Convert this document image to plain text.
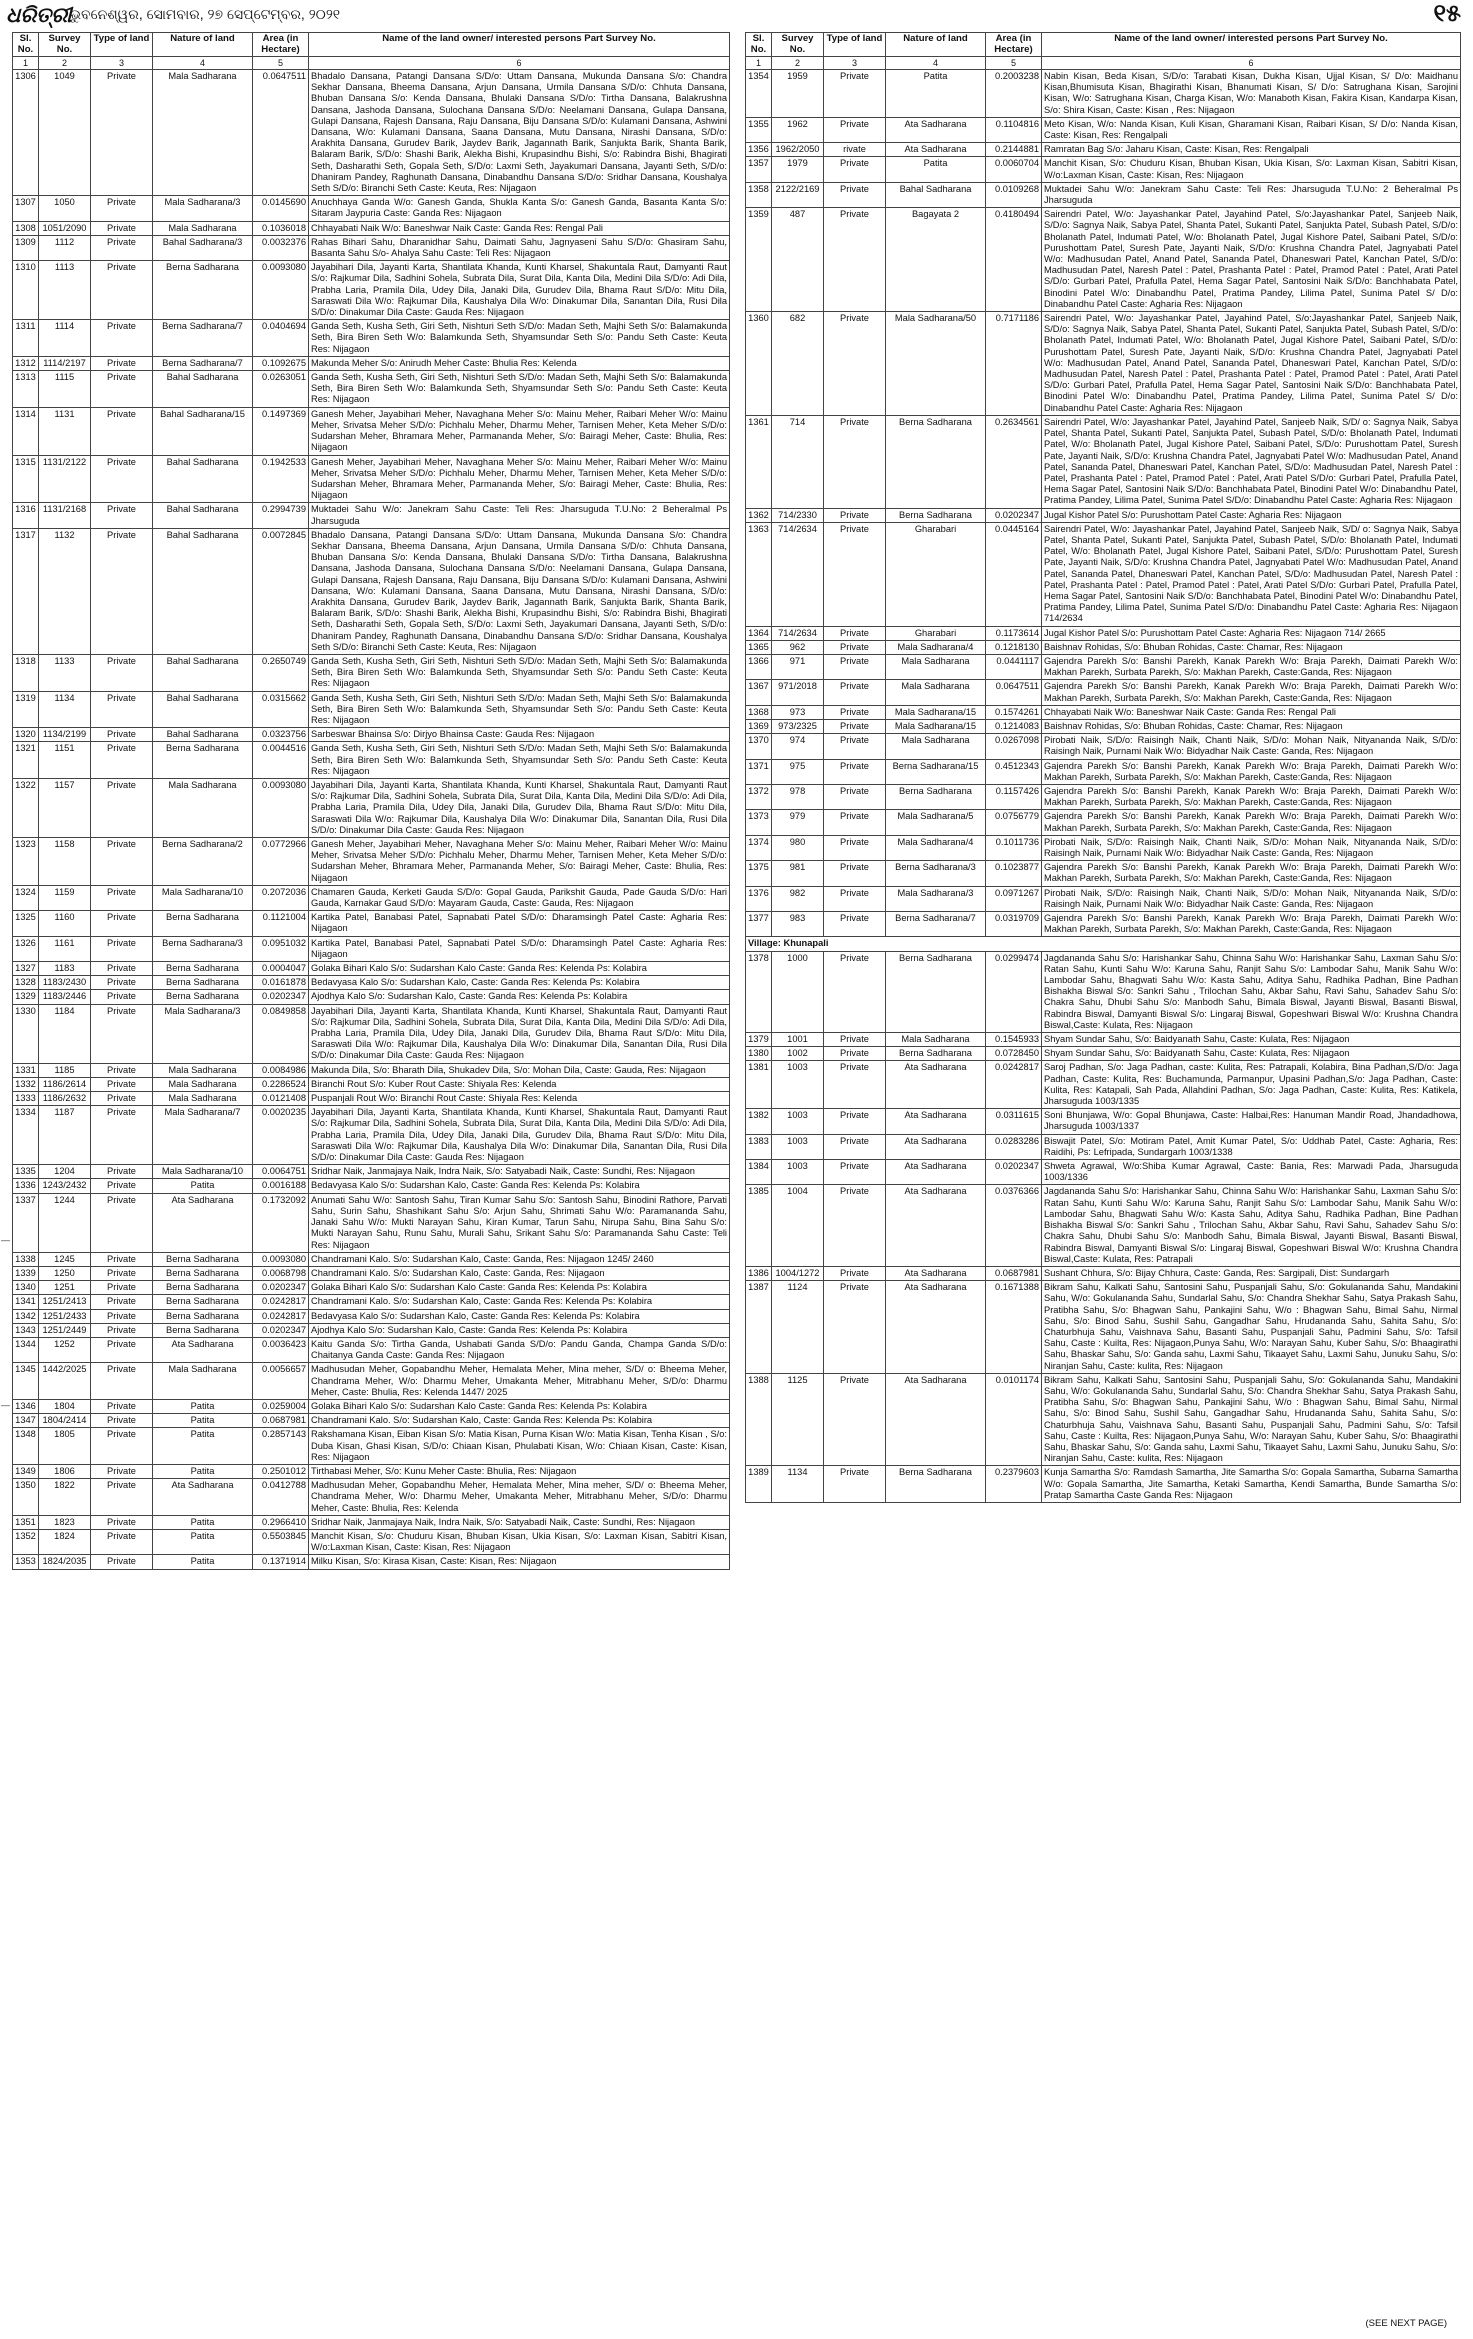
ଧରିତ୍ରୀ
ଭୁବନେଶ୍ୱର, ସୋମବାର, ୨୭ ସେପ୍ଟେମ୍ବର, ୨୦୨୧	୧୫
—
—
Sl. No.	Survey No.	Type of land	Nature of land	Area (in Hectare)	Name of the land owner/ interested persons Part Survey No.
1	2	3	4	5	6
1306	1049	Private	Mala Sadharana	0.0647511	Bhadalo Dansana, Patangi Dansana S/D/o: Uttam Dansana, Mukunda Dansana S/o: Chandra Sekhar Dansana, Bheema Dansana, Arjun Dansana, Urmila Dansana S/D/o: Chhuta Dansana, Bhuban Dansana S/o: Kenda Dansana, Bhulaki Dansana S/D/o: Tirtha Dansana, Balakrushna Dansana, Jashoda Dansana, Sulochana Dansana S/D/o: Neelamani Dansana, Gulapa Dansana, Gulapi Dansana, Rajesh Dansana, Raju Dansana, Biju Dansana S/D/o: Kulamani Dansana, Ashwini Dansana, W/o: Kulamani Dansana, Saana Dansana, Mutu Dansana, Nirashi Dansana, S/D/o: Arakhita Dansana, Gurudev Barik, Jaydev Barik, Jagannath Barik, Sanjukta Barik, Shanta Barik, Balaram Barik, S/D/o: Shashi Barik, Alekha Bishi, Krupasindhu Bishi, S/o: Rabindra Bishi, Bhagirati Seth, Dasharathi Seth, Gopala Seth, S/D/o: Laxmi Seth, Jayakumari Dansana, Jayanti Seth, S/D/o: Dhaniram Pandey, Raghunath Dansana, Dinabandhu Dansana S/D/o: Sridhar Dansana, Koushalya Seth S/D/o: Biranchi Seth Caste: Keuta, Res: Nijagaon
1307	1050	Private	Mala Sadharana/3	0.0145690	Anuchhaya Ganda W/o: Ganesh Ganda, Shukla Kanta S/o: Ganesh Ganda, Basanta Kanta S/o: Sitaram Jaypuria Caste: Ganda Res: Nijagaon
1308	1051/2090	Private	Mala Sadharana	0.1036018	Chhayabati Naik W/o: Baneshwar Naik Caste: Ganda Res: Rengal Pali
1309	1112	Private	Bahal Sadharana/3	0.0032376	Rahas Bihari Sahu, Dharanidhar Sahu, Daimati Sahu, Jagnyaseni Sahu S/D/o: Ghasiram Sahu, Basanta Sahu S/o- Ahalya Sahu Caste: Teli Res: Nijagaon
1310	1113	Private	Berna Sadharana	0.0093080	Jayabihari Dila, Jayanti Karta, Shantilata Khanda, Kunti Kharsel, Shakuntala Raut, Damyanti Raut S/o: Rajkumar Dila, Sadhini Sohela, Subrata Dila, Surat Dila, Kanta Dila, Medini Dila S/D/o: Adi Dila, Prabha Laria, Pramila Dila, Udey Dila, Janaki Dila, Gurudev Dila, Bhama Raut S/D/o: Mitu Dila, Saraswati Dila W/o: Rajkumar Dila, Kaushalya Dila W/o: Dinakumar Dila, Sanantan Dila, Rusi Dila S/D/o: Dinakumar Dila Caste: Gauda Res: Nijagaon
1311	1114	Private	Berna Sadharana/7	0.0404694	Ganda Seth, Kusha Seth, Giri Seth, Nishturi Seth S/D/o: Madan Seth, Majhi Seth S/o: Balamakunda Seth, Bira Biren Seth W/o: Balamkunda Seth, Shyamsundar Seth S/o: Pandu Seth Caste: Keuta Res: Nijagaon
1312	1114/2197	Private	Berna Sadharana/7	0.1092675	Makunda Meher S/o: Anirudh Meher Caste: Bhulia Res: Kelenda
1313	1115	Private	Bahal Sadharana	0.0263051	Ganda Seth, Kusha Seth, Giri Seth, Nishturi Seth S/D/o: Madan Seth, Majhi Seth S/o: Balamakunda Seth, Bira Biren Seth W/o: Balamkunda Seth, Shyamsundar Seth S/o: Pandu Seth Caste: Keuta Res: Nijagaon
1314	1131	Private	Bahal Sadharana/15	0.1497369	Ganesh Meher, Jayabihari Meher, Navaghana Meher S/o: Mainu Meher, Raibari Meher W/o: Mainu Meher, Srivatsa Meher S/D/o: Pichhalu Meher, Dharmu Meher, Tarnisen Meher, Keta Meher S/D/o: Sudarshan Meher, Bhramara Meher, Parmananda Meher, S/o: Bairagi Meher, Caste: Bhulia, Res: Nijagaon
1315	1131/2122	Private	Bahal Sadharana	0.1942533	Ganesh Meher, Jayabihari Meher, Navaghana Meher S/o: Mainu Meher, Raibari Meher W/o: Mainu Meher, Srivatsa Meher S/D/o: Pichhalu Meher, Dharmu Meher, Tarnisen Meher, Keta Meher S/D/o: Sudarshan Meher, Bhramara Meher, Parmananda Meher, S/o: Bairagi Meher, Caste: Bhulia, Res: Nijagaon
1316	1131/2168	Private	Bahal Sadharana	0.2994739	Muktadei Sahu W/o: Janekram Sahu Caste: Teli Res: Jharsuguda T.U.No: 2 Beheralmal Ps Jharsuguda
1317	1132	Private	Bahal Sadharana	0.0072845	Bhadalo Dansana, Patangi Dansana S/D/o: Uttam Dansana, Mukunda Dansana S/o: Chandra Sekhar Dansana, Bheema Dansana, Arjun Dansana, Urmila Dansana S/D/o: Chhuta Dansana, Bhuban Dansana S/o: Kenda Dansana, Bhulaki Dansana S/D/o: Tirtha Dansana, Balakrushna Dansana, Jashoda Dansana, Sulochana Dansana S/D/o: Neelamani Dansana, Gulapa Dansana, Gulapi Dansana, Rajesh Dansana, Raju Dansana, Biju Dansana S/D/o: Kulamani Dansana, Ashwini Dansana, W/o: Kulamani Dansana, Saana Dansana, Mutu Dansana, Nirashi Dansana, S/D/o: Arakhita Dansana, Gurudev Barik, Jaydev Barik, Jagannath Barik, Sanjukta Barik, Shanta Barik, Balaram Barik, S/D/o: Shashi Barik, Alekha Bishi, Krupasindhu Bishi, S/o: Rabindra Bishi, Bhagirati Seth, Dasharathi Seth, Gopala Seth, S/D/o: Laxmi Seth, Jayakumari Dansana, Jayanti Seth, S/D/o: Dhaniram Pandey, Raghunath Dansana, Dinabandhu Dansana S/D/o: Sridhar Dansana, Koushalya Seth S/D/o: Biranchi Seth Caste: Keuta, Res: Nijagaon
1318	1133	Private	Bahal Sadharana	0.2650749	Ganda Seth, Kusha Seth, Giri Seth, Nishturi Seth S/D/o: Madan Seth, Majhi Seth S/o: Balamakunda Seth, Bira Biren Seth W/o: Balamkunda Seth, Shyamsundar Seth S/o: Pandu Seth Caste: Keuta Res: Nijagaon
1319	1134	Private	Bahal Sadharana	0.0315662	Ganda Seth, Kusha Seth, Giri Seth, Nishturi Seth S/D/o: Madan Seth, Majhi Seth S/o: Balamakunda Seth, Bira Biren Seth W/o: Balamkunda Seth, Shyamsundar Seth S/o: Pandu Seth Caste: Keuta Res: Nijagaon
1320	1134/2199	Private	Bahal Sadharana	0.0323756	Sarbeswar Bhainsa S/o: Dirjyo Bhainsa Caste: Gauda Res: Nijagaon
1321	1151	Private	Berna Sadharana	0.0044516	Ganda Seth, Kusha Seth, Giri Seth, Nishturi Seth S/D/o: Madan Seth, Majhi Seth S/o: Balamakunda Seth, Bira Biren Seth W/o: Balamkunda Seth, Shyamsundar Seth S/o: Pandu Seth Caste: Keuta Res: Nijagaon
1322	1157	Private	Mala Sadharana	0.0093080	Jayabihari Dila, Jayanti Karta, Shantilata Khanda, Kunti Kharsel, Shakuntala Raut, Damyanti Raut S/o: Rajkumar Dila, Sadhini Sohela, Subrata Dila, Surat Dila, Kanta Dila, Medini Dila S/D/o: Adi Dila, Prabha Laria, Pramila Dila, Udey Dila, Janaki Dila, Gurudev Dila, Bhama Raut S/D/o: Mitu Dila, Saraswati Dila W/o: Rajkumar Dila, Kaushalya Dila W/o: Dinakumar Dila, Sanantan Dila, Rusi Dila S/D/o: Dinakumar Dila Caste: Gauda Res: Nijagaon
1323	1158	Private	Berna Sadharana/2	0.0772966	Ganesh Meher, Jayabihari Meher, Navaghana Meher S/o: Mainu Meher, Raibari Meher W/o: Mainu Meher, Srivatsa Meher S/D/o: Pichhalu Meher, Dharmu Meher, Tarnisen Meher, Keta Meher S/D/o: Sudarshan Meher, Bhramara Meher, Parmananda Meher, S/o: Bairagi Meher, Caste: Bhulia, Res: Nijagaon
1324	1159	Private	Mala Sadharana/10	0.2072036	Chamaren Gauda, Kerketi Gauda S/D/o: Gopal Gauda, Parikshit Gauda, Pade Gauda S/D/o: Hari Gauda, Karnakar Gaud S/D/o: Mayaram Gauda, Caste: Gauda, Res: Nijagaon
1325	1160	Private	Berna Sadharana	0.1121004	Kartika Patel, Banabasi Patel, Sapnabati Patel S/D/o: Dharamsingh Patel Caste: Agharia Res: Nijagaon
1326	1161	Private	Berna Sadharana/3	0.0951032	Kartika Patel, Banabasi Patel, Sapnabati Patel S/D/o: Dharamsingh Patel Caste: Agharia Res: Nijagaon
1327	1183	Private	Berna Sadharana	0.0004047	Golaka Bihari Kalo S/o: Sudarshan Kalo Caste: Ganda Res: Kelenda Ps: Kolabira
1328	1183/2430	Private	Berna Sadharana	0.0161878	Bedavyasa Kalo S/o: Sudarshan Kalo, Caste: Ganda Res: Kelenda Ps: Kolabira
1329	1183/2446	Private	Berna Sadharana	0.0202347	Ajodhya Kalo S/o: Sudarshan Kalo, Caste: Ganda Res: Kelenda Ps: Kolabira
1330	1184	Private	Mala Sadharana/3	0.0849858	Jayabihari Dila, Jayanti Karta, Shantilata Khanda, Kunti Kharsel, Shakuntala Raut, Damyanti Raut S/o: Rajkumar Dila, Sadhini Sohela, Subrata Dila, Surat Dila, Kanta Dila, Medini Dila S/D/o: Adi Dila, Prabha Laria, Pramila Dila, Udey Dila, Janaki Dila, Gurudev Dila, Bhama Raut S/D/o: Mitu Dila, Saraswati Dila W/o: Rajkumar Dila, Kaushalya Dila W/o: Dinakumar Dila, Sanantan Dila, Rusi Dila S/D/o: Dinakumar Dila Caste: Gauda Res: Nijagaon
1331	1185	Private	Mala Sadharana	0.0084986	Makunda Dila, S/o: Bharath Dila, Shukadev Dila, S/o: Mohan Dila, Caste: Gauda, Res: Nijagaon
1332	1186/2614	Private	Mala Sadharana	0.2286524	Biranchi Rout S/o: Kuber Rout Caste: Shiyala Res: Kelenda
1333	1186/2632	Private	Mala Sadharana	0.0121408	Puspanjali Rout W/o: Biranchi Rout Caste: Shiyala Res: Kelenda
1334	1187	Private	Mala Sadharana/7	0.0020235	Jayabihari Dila, Jayanti Karta, Shantilata Khanda, Kunti Kharsel, Shakuntala Raut, Damyanti Raut S/o: Rajkumar Dila, Sadhini Sohela, Subrata Dila, Surat Dila, Kanta Dila, Medini Dila S/D/o: Adi Dila, Prabha Laria, Pramila Dila, Udey Dila, Janaki Dila, Gurudev Dila, Bhama Raut S/D/o: Mitu Dila, Saraswati Dila W/o: Rajkumar Dila, Kaushalya Dila W/o: Dinakumar Dila, Sanantan Dila, Rusi Dila S/D/o: Dinakumar Dila Caste: Gauda Res: Nijagaon
1335	1204	Private	Mala Sadharana/10	0.0064751	Sridhar Naik, Janmajaya Naik, Indra Naik, S/o: Satyabadi Naik, Caste: Sundhi, Res: Nijagaon
1336	1243/2432	Private	Patita	0.0016188	Bedavyasa Kalo S/o: Sudarshan Kalo, Caste: Ganda Res: Kelenda Ps: Kolabira
1337	1244	Private	Ata Sadharana	0.1732092	Anumati Sahu W/o: Santosh Sahu, Tiran Kumar Sahu S/o: Santosh Sahu, Binodini Rathore, Parvati Sahu, Surin Sahu, Shashikant Sahu S/o: Arjun Sahu, Shrimati Sahu W/o: Paramananda Sahu, Janaki Sahu W/o: Mukti Narayan Sahu, Kiran Kumar, Tarun Sahu, Nirupa Sahu, Bina Sahu S/o: Mukti Narayan Sahu, Runu Sahu, Murali Sahu, Srikant Sahu S/o: Paramananda Sahu Caste: Teli Res: Nijagaon
1338	1245	Private	Berna Sadharana	0.0093080	Chandramani Kalo. S/o: Sudarshan Kalo, Caste: Ganda, Res: Nijagaon 1245/ 2460
1339	1250	Private	Berna Sadharana	0.0068798	Chandramani Kalo. S/o: Sudarshan Kalo, Caste: Ganda, Res: Nijagaon
1340	1251	Private	Berna Sadharana	0.0202347	Golaka Bihari Kalo S/o: Sudarshan Kalo Caste: Ganda Res: Kelenda Ps: Kolabira
1341	1251/2413	Private	Berna Sadharana	0.0242817	Chandramani Kalo. S/o: Sudarshan Kalo, Caste: Ganda Res: Kelenda Ps: Kolabira
1342	1251/2433	Private	Berna Sadharana	0.0242817	Bedavyasa Kalo S/o: Sudarshan Kalo, Caste: Ganda Res: Kelenda Ps: Kolabira
1343	1251/2449	Private	Berna Sadharana	0.0202347	Ajodhya Kalo S/o: Sudarshan Kalo, Caste: Ganda Res: Kelenda Ps: Kolabira
1344	1252	Private	Ata Sadharana	0.0036423	Kaitu Ganda S/o: Tirtha Ganda, Ushabati Ganda S/D/o: Pandu Ganda, Champa Ganda S/D/o: Chaitanya Ganda Caste: Ganda Res: Nijagaon
1345	1442/2025	Private	Mala Sadharana	0.0056657	Madhusudan Meher, Gopabandhu Meher, Hemalata Meher, Mina meher, S/D/ o: Bheema Meher, Chandrama Meher, W/o: Dharmu Meher, Umakanta Meher, Mitrabhanu Meher, S/D/o: Dharmu Meher, Caste: Bhulia, Res: Kelenda 1447/ 2025
1346	1804	Private	Patita	0.0259004	Golaka Bihari Kalo S/o: Sudarshan Kalo Caste: Ganda Res: Kelenda Ps: Kolabira
1347	1804/2414	Private	Patita	0.0687981	Chandramani Kalo. S/o: Sudarshan Kalo, Caste: Ganda Res: Kelenda Ps: Kolabira
1348	1805	Private	Patita	0.2857143	Rakshamana Kisan, Eiban Kisan S/o: Matia Kisan, Purna Kisan W/o: Matia Kisan, Tenha Kisan , S/o: Duba Kisan, Ghasi Kisan, S/D/o: Chiaan Kisan, Phulabati Kisan, W/o: Chiaan Kisan, Caste: Kisan, Res: Nijagaon
1349	1806	Private	Patita	0.2501012	Tirthabasi Meher, S/o: Kunu Meher Caste: Bhulia, Res: Nijagaon
1350	1822	Private	Ata Sadharana	0.0412788	Madhusudan Meher, Gopabandhu Meher, Hemalata Meher, Mina meher, S/D/ o: Bheema Meher, Chandrama Meher, W/o: Dharmu Meher, Umakanta Meher, Mitrabhanu Meher, S/D/o: Dharmu Meher, Caste: Bhulia, Res: Kelenda
1351	1823	Private	Patita	0.2966410	Sridhar Naik, Janmajaya Naik, Indra Naik, S/o: Satyabadi Naik, Caste: Sundhi, Res: Nijagaon
1352	1824	Private	Patita	0.5503845	Manchit Kisan, S/o: Chuduru Kisan, Bhuban Kisan, Ukia Kisan, S/o: Laxman Kisan, Sabitri Kisan, W/o:Laxman Kisan, Caste: Kisan, Res: Nijagaon
1353	1824/2035	Private	Patita	0.1371914	Milku Kisan, S/o: Kirasa Kisan, Caste: Kisan, Res: Nijagaon
Sl. No.	Survey No.	Type of land	Nature of land	Area (in Hectare)	Name of the land owner/ interested persons Part Survey No.
1	2	3	4	5	6
1354	1959	Private	Patita	0.2003238	Nabin Kisan, Beda Kisan, S/D/o: Tarabati Kisan, Dukha Kisan, Ujjal Kisan, S/ D/o: Maidhanu Kisan,Bhumisuta Kisan, Bhagirathi Kisan, Bhanumati Kisan, S/ D/o: Satrughana Kisan, Sarojini Kisan, W/o: Satrughana Kisan, Charga Kisan, W/o: Manaboth Kisan, Fakira Kisan, Kandarpa Kisan, S/o: Shira Kisan, Caste: Kisan , Res: Nijagaon
1355	1962	Private	Ata Sadharana	0.1104816	Meto Kisan, W/o: Nanda Kisan, Kuli Kisan, Gharamani Kisan, Raibari Kisan, S/ D/o: Nanda Kisan, Caste: Kisan, Res: Rengalpali
1356	1962/2050	rivate	Ata Sadharana	0.2144881	Ramratan Bag S/o: Jaharu Kisan, Caste: Kisan, Res: Rengalpali
1357	1979	Private	Patita	0.0060704	Manchit Kisan, S/o: Chuduru Kisan, Bhuban Kisan, Ukia Kisan, S/o: Laxman Kisan, Sabitri Kisan, W/o:Laxman Kisan, Caste: Kisan, Res: Nijagaon
1358	2122/2169	Private	Bahal Sadharana	0.0109268	Muktadei Sahu W/o: Janekram Sahu Caste: Teli Res: Jharsuguda T.U.No: 2 Beheralmal Ps Jharsuguda
1359	487	Private	Bagayata 2	0.4180494	Sairendri Patel, W/o: Jayashankar Patel, Jayahind Patel, S/o:Jayashankar Patel, Sanjeeb Naik, S/D/o: Sagnya Naik, Sabya Patel, Shanta Patel, Sukanti Patel, Sanjukta Patel, Subash Patel, S/D/o: Bholanath Patel, Indumati Patel, W/o: Bholanath Patel, Jugal Kishore Patel, Saibani Patel, S/D/o: Purushottam Patel, Suresh Pate, Jayanti Naik, S/D/o: Krushna Chandra Patel, Jagnyabati Patel W/o: Madhusudan Patel, Anand Patel, Sananda Patel, Dhaneswari Patel, Kanchan Patel, S/D/o: Madhusudan Patel, Naresh Patel : Patel, Prashanta Patel : Patel, Pramod Patel : Patel, Arati Patel S/D/o: Gurbari Patel, Prafulla Patel, Hema Sagar Patel, Santosini Naik S/D/o: Banchhabata Patel, Binodini Patel W/o: Dinabandhu Patel, Pratima Pandey, Lilima Patel, Sunima Patel S/ D/o: Dinabandhu Patel Caste: Agharia Res: Nijagaon
1360	682	Private	Mala Sadharana/50	0.7171186	Sairendri Patel, W/o: Jayashankar Patel, Jayahind Patel, S/o:Jayashankar Patel, Sanjeeb Naik, S/D/o: Sagnya Naik, Sabya Patel, Shanta Patel, Sukanti Patel, Sanjukta Patel, Subash Patel, S/D/o: Bholanath Patel, Indumati Patel, W/o: Bholanath Patel, Jugal Kishore Patel, Saibani Patel, S/D/o: Purushottam Patel, Suresh Pate, Jayanti Naik, S/D/o: Krushna Chandra Patel, Jagnyabati Patel W/o: Madhusudan Patel, Anand Patel, Sananda Patel, Dhaneswari Patel, Kanchan Patel, S/D/o: Madhusudan Patel, Naresh Patel : Patel, Prashanta Patel : Patel, Pramod Patel : Patel, Arati Patel S/D/o: Gurbari Patel, Prafulla Patel, Hema Sagar Patel, Santosini Naik S/D/o: Banchhabata Patel, Binodini Patel W/o: Dinabandhu Patel, Pratima Pandey, Lilima Patel, Sunima Patel S/ D/o: Dinabandhu Patel Caste: Agharia Res: Nijagaon
1361	714	Private	Berna Sadharana	0.2634561	Sairendri Patel, W/o: Jayashankar Patel, Jayahind Patel, Sanjeeb Naik, S/D/ o: Sagnya Naik, Sabya Patel, Shanta Patel, Sukanti Patel, Sanjukta Patel, Subash Patel, S/D/o: Bholanath Patel, Indumati Patel, W/o: Bholanath Patel, Jugal Kishore Patel, Saibani Patel, S/D/o: Purushottam Patel, Suresh Pate, Jayanti Naik, S/D/o: Krushna Chandra Patel, Jagnyabati Patel W/o: Madhusudan Patel, Anand Patel, Sananda Patel, Dhaneswari Patel, Kanchan Patel, S/D/o: Madhusudan Patel, Naresh Patel : Patel, Prashanta Patel : Patel, Pramod Patel : Patel, Arati Patel S/D/o: Gurbari Patel, Prafulla Patel, Hema Sagar Patel, Santosini Naik S/D/o: Banchhabata Patel, Binodini Patel W/o: Dinabandhu Patel, Pratima Pandey, Lilima Patel, Sunima Patel S/D/o: Dinabandhu Patel Caste: Agharia Res: Nijagaon
1362	714/2330	Private	Berna Sadharana	0.0202347	Jugal Kishor Patel S/o: Purushottam Patel Caste: Agharia Res: Nijagaon
1363	714/2634	Private	Gharabari	0.0445164	Sairendri Patel, W/o: Jayashankar Patel, Jayahind Patel, Sanjeeb Naik, S/D/ o: Sagnya Naik, Sabya Patel, Shanta Patel, Sukanti Patel, Sanjukta Patel, Subash Patel, S/D/o: Bholanath Patel, Indumati Patel, W/o: Bholanath Patel, Jugal Kishore Patel, Saibani Patel, S/D/o: Purushottam Patel, Suresh Pate, Jayanti Naik, S/D/o: Krushna Chandra Patel, Jagnyabati Patel W/o: Madhusudan Patel, Anand Patel, Sananda Patel, Dhaneswari Patel, Kanchan Patel, S/D/o: Madhusudan Patel, Naresh Patel : Patel, Prashanta Patel : Patel, Pramod Patel : Patel, Arati Patel S/D/o: Gurbari Patel, Prafulla Patel, Hema Sagar Patel, Santosini Naik S/D/o: Banchhabata Patel, Binodini Patel W/o: Dinabandhu Patel, Pratima Pandey, Lilima Patel, Sunima Patel S/D/o: Dinabandhu Patel Caste: Agharia Res: Nijagaon 714/2634
1364	714/2634	Private	Gharabari	0.1173614	Jugal Kishor Patel S/o: Purushottam Patel Caste: Agharia Res: Nijagaon 714/ 2665
1365	962	Private	Mala Sadharana/4	0.1218130	Baishnav Rohidas, S/o: Bhuban Rohidas, Caste: Chamar, Res: Nijagaon
1366	971	Private	Mala Sadharana	0.0441117	Gajendra Parekh S/o: Banshi Parekh, Kanak Parekh W/o: Braja Parekh, Daimati Parekh W/o: Makhan Parekh, Surbata Parekh, S/o: Makhan Parekh, Caste:Ganda, Res: Nijagaon
1367	971/2018	Private	Mala Sadharana	0.0647511	Gajendra Parekh S/o: Banshi Parekh, Kanak Parekh W/o: Braja Parekh, Daimati Parekh W/o: Makhan Parekh, Surbata Parekh, S/o: Makhan Parekh, Caste:Ganda, Res: Nijagaon
1368	973	Private	Mala Sadharana/15	0.1574261	Chhayabati Naik W/o: Baneshwar Naik Caste: Ganda Res: Rengal Pali
1369	973/2325	Private	Mala Sadharana/15	0.1214083	Baishnav Rohidas, S/o: Bhuban Rohidas, Caste: Chamar, Res: Nijagaon
1370	974	Private	Mala Sadharana	0.0267098	Pirobati Naik, S/D/o: Raisingh Naik, Chanti Naik, S/D/o: Mohan Naik, Nityananda Naik, S/D/o: Raisingh Naik, Purnami Naik W/o: Bidyadhar Naik Caste: Ganda, Res: Nijagaon
1371	975	Private	Berna Sadharana/15	0.4512343	Gajendra Parekh S/o: Banshi Parekh, Kanak Parekh W/o: Braja Parekh, Daimati Parekh W/o: Makhan Parekh, Surbata Parekh, S/o: Makhan Parekh, Caste:Ganda, Res: Nijagaon
1372	978	Private	Berna Sadharana	0.1157426	Gajendra Parekh S/o: Banshi Parekh, Kanak Parekh W/o: Braja Parekh, Daimati Parekh W/o: Makhan Parekh, Surbata Parekh, S/o: Makhan Parekh, Caste:Ganda, Res: Nijagaon
1373	979	Private	Mala Sadharana/5	0.0756779	Gajendra Parekh S/o: Banshi Parekh, Kanak Parekh W/o: Braja Parekh, Daimati Parekh W/o: Makhan Parekh, Surbata Parekh, S/o: Makhan Parekh, Caste:Ganda, Res: Nijagaon
1374	980	Private	Mala Sadharana/4	0.1011736	Pirobati Naik, S/D/o: Raisingh Naik, Chanti Naik, S/D/o: Mohan Naik, Nityananda Naik, S/D/o: Raisingh Naik, Purnami Naik W/o: Bidyadhar Naik Caste: Ganda, Res: Nijagaon
1375	981	Private	Berna Sadharana/3	0.1023877	Gajendra Parekh S/o: Banshi Parekh, Kanak Parekh W/o: Braja Parekh, Daimati Parekh W/o: Makhan Parekh, Surbata Parekh, S/o: Makhan Parekh, Caste:Ganda, Res: Nijagaon
1376	982	Private	Mala Sadharana/3	0.0971267	Pirobati Naik, S/D/o: Raisingh Naik, Chanti Naik, S/D/o: Mohan Naik, Nityananda Naik, S/D/o: Raisingh Naik, Purnami Naik W/o: Bidyadhar Naik Caste: Ganda, Res: Nijagaon
1377	983	Private	Berna Sadharana/7	0.0319709	Gajendra Parekh S/o: Banshi Parekh, Kanak Parekh W/o: Braja Parekh, Daimati Parekh W/o: Makhan Parekh, Surbata Parekh, S/o: Makhan Parekh, Caste:Ganda, Res: Nijagaon
Village: Khunapali					
1378	1000	Private	Berna Sadharana	0.0299474	Jagdananda Sahu S/o: Harishankar Sahu, Chinna Sahu W/o: Harishankar Sahu, Laxman Sahu S/o: Ratan Sahu, Kunti Sahu W/o: Karuna Sahu, Ranjit Sahu S/o: Lambodar Sahu, Manik Sahu W/o: Lambodar Sahu, Bhagwati Sahu W/o: Kasta Sahu, Aditya Sahu, Radhika Padhan, Bine Padhan Bishakha Biswal S/o: Sankri Sahu , Trilochan Sahu, Akbar Sahu, Ravi Sahu, Sahadev Sahu S/o: Chakra Sahu, Dhubi Sahu S/o: Manbodh Sahu, Bimala Biswal, Jayanti Biswal, Basanti Biswal, Rabindra Biswal, Damyanti Biswal S/o: Lingaraj Biswal, Gopeshwari Biswal W/o: Krushna Chandra Biswal,Caste: Kulata, Res: Nijagaon
1379	1001	Private	Mala Sadharana	0.1545933	Shyam Sundar Sahu, S/o: Baidyanath Sahu, Caste: Kulata, Res: Nijagaon
1380	1002	Private	Berna Sadharana	0.0728450	Shyam Sundar Sahu, S/o: Baidyanath Sahu, Caste: Kulata, Res: Nijagaon
1381	1003	Private	Ata Sadharana	0.0242817	Saroj Padhan, S/o: Jaga Padhan, caste: Kulita, Res: Patrapali, Kolabira, Bina Padhan,S/D/o: Jaga Padhan, Caste: Kulita, Res: Buchamunda, Parmanpur, Upasini Padhan,S/o: Jaga Padhan, Caste: Kulita, Res: Katapali, Sah Pada, Allahdini Padhan, S/o: Jaga Padhan, Caste: Kulita, Res: Katikela, Jharsuguda 1003/1335
1382	1003	Private	Ata Sadharana	0.0311615	Soni Bhunjawa, W/o: Gopal Bhunjawa, Caste: Halbai,Res: Hanuman Mandir Road, Jhandadhowa, Jharsuguda 1003/1337
1383	1003	Private	Ata Sadharana	0.0283286	Biswajit Patel, S/o: Motiram Patel, Amit Kumar Patel, S/o: Uddhab Patel, Caste: Agharia, Res: Raidihi, Ps: Lefripada, Sundargarh 1003/1338
1384	1003	Private	Ata Sadharana	0.0202347	Shweta Agrawal, W/o:Shiba Kumar Agrawal, Caste: Bania, Res: Marwadi Pada, Jharsuguda 1003/1336
1385	1004	Private	Ata Sadharana	0.0376366	Jagdananda Sahu S/o: Harishankar Sahu, Chinna Sahu W/o: Harishankar Sahu, Laxman Sahu S/o: Ratan Sahu, Kunti Sahu W/o: Karuna Sahu, Ranjit Sahu S/o: Lambodar Sahu, Manik Sahu W/o: Lambodar Sahu, Bhagwati Sahu W/o: Kasta Sahu, Aditya Sahu, Radhika Padhan, Bine Padhan Bishakha Biswal S/o: Sankri Sahu , Trilochan Sahu, Akbar Sahu, Ravi Sahu, Sahadev Sahu S/o: Chakra Sahu, Dhubi Sahu S/o: Manbodh Sahu, Bimala Biswal, Jayanti Biswal, Basanti Biswal, Rabindra Biswal, Damyanti Biswal S/o: Lingaraj Biswal, Gopeshwari Biswal W/o: Krushna Chandra Biswal,Caste: Kulata, Res: Patrapali
1386	1004/1272	Private	Ata Sadharana	0.0687981	Sushant Chhura, S/o: Bijay Chhura, Caste: Ganda, Res: Sargipali, Dist: Sundargarh
1387	1124	Private	Ata Sadharana	0.1671388	Bikram Sahu, Kalkati Sahu, Santosini Sahu, Puspanjali Sahu, S/o: Gokulananda Sahu, Mandakini Sahu, W/o: Gokulananda Sahu, Sundarlal Sahu, S/o: Chandra Shekhar Sahu, Satya Prakash Sahu, Pratibha Sahu, S/o: Bhagwan Sahu, Pankajini Sahu, W/o : Bhagwan Sahu, Bimal Sahu, Nirmal Sahu, S/o: Binod Sahu, Sushil Sahu, Gangadhar Sahu, Hrudananda Sahu, Sahita Sahu, S/o: Chaturbhuja Sahu, Vaishnava Sahu, Basanti Sahu, Puspanjali Sahu, Padmini Sahu, S/o: Tafsil Sahu, Caste : Kuilta, Res: Nijagaon,Punya Sahu, W/o: Narayan Sahu, Kuber Sahu, S/o: Bhaagirathi Sahu, Bhaskar Sahu, S/o: Ganda sahu, Laxmi Sahu, Tikaayet Sahu, Laxmi Sahu, Junuku Sahu, S/o: Niranjan Sahu, Caste: kulita, Res: Nijagaon
1388	1125	Private	Ata Sadharana	0.0101174	Bikram Sahu, Kalkati Sahu, Santosini Sahu, Puspanjali Sahu, S/o: Gokulananda Sahu, Mandakini Sahu, W/o: Gokulananda Sahu, Sundarlal Sahu, S/o: Chandra Shekhar Sahu, Satya Prakash Sahu, Pratibha Sahu, S/o: Bhagwan Sahu, Pankajini Sahu, W/o : Bhagwan Sahu, Bimal Sahu, Nirmal Sahu, S/o: Binod Sahu, Sushil Sahu, Gangadhar Sahu, Hrudananda Sahu, Sahita Sahu, S/o: Chaturbhuja Sahu, Vaishnava Sahu, Basanti Sahu, Puspanjali Sahu, Padmini Sahu, S/o: Tafsil Sahu, Caste : Kuilta, Res: Nijagaon,Punya Sahu, W/o: Narayan Sahu, Kuber Sahu, S/o: Bhaagirathi Sahu, Bhaskar Sahu, S/o: Ganda sahu, Laxmi Sahu, Tikaayet Sahu, Laxmi Sahu, Junuku Sahu, S/o: Niranjan Sahu, Caste: kulita, Res: Nijagaon
1389	1134	Private	Berna Sadharana	0.2379603	Kunja Samartha S/o: Ramdash Samartha, Jite Samartha S/o: Gopala Samartha, Subarna Samartha W/o: Gopala Samartha, Jite Samartha, Ketaki Samartha, Kendi Samartha, Bunde Samartha S/o: Pratap Samartha Caste Ganda Res: Nijagaon
(SEE NEXT PAGE)
